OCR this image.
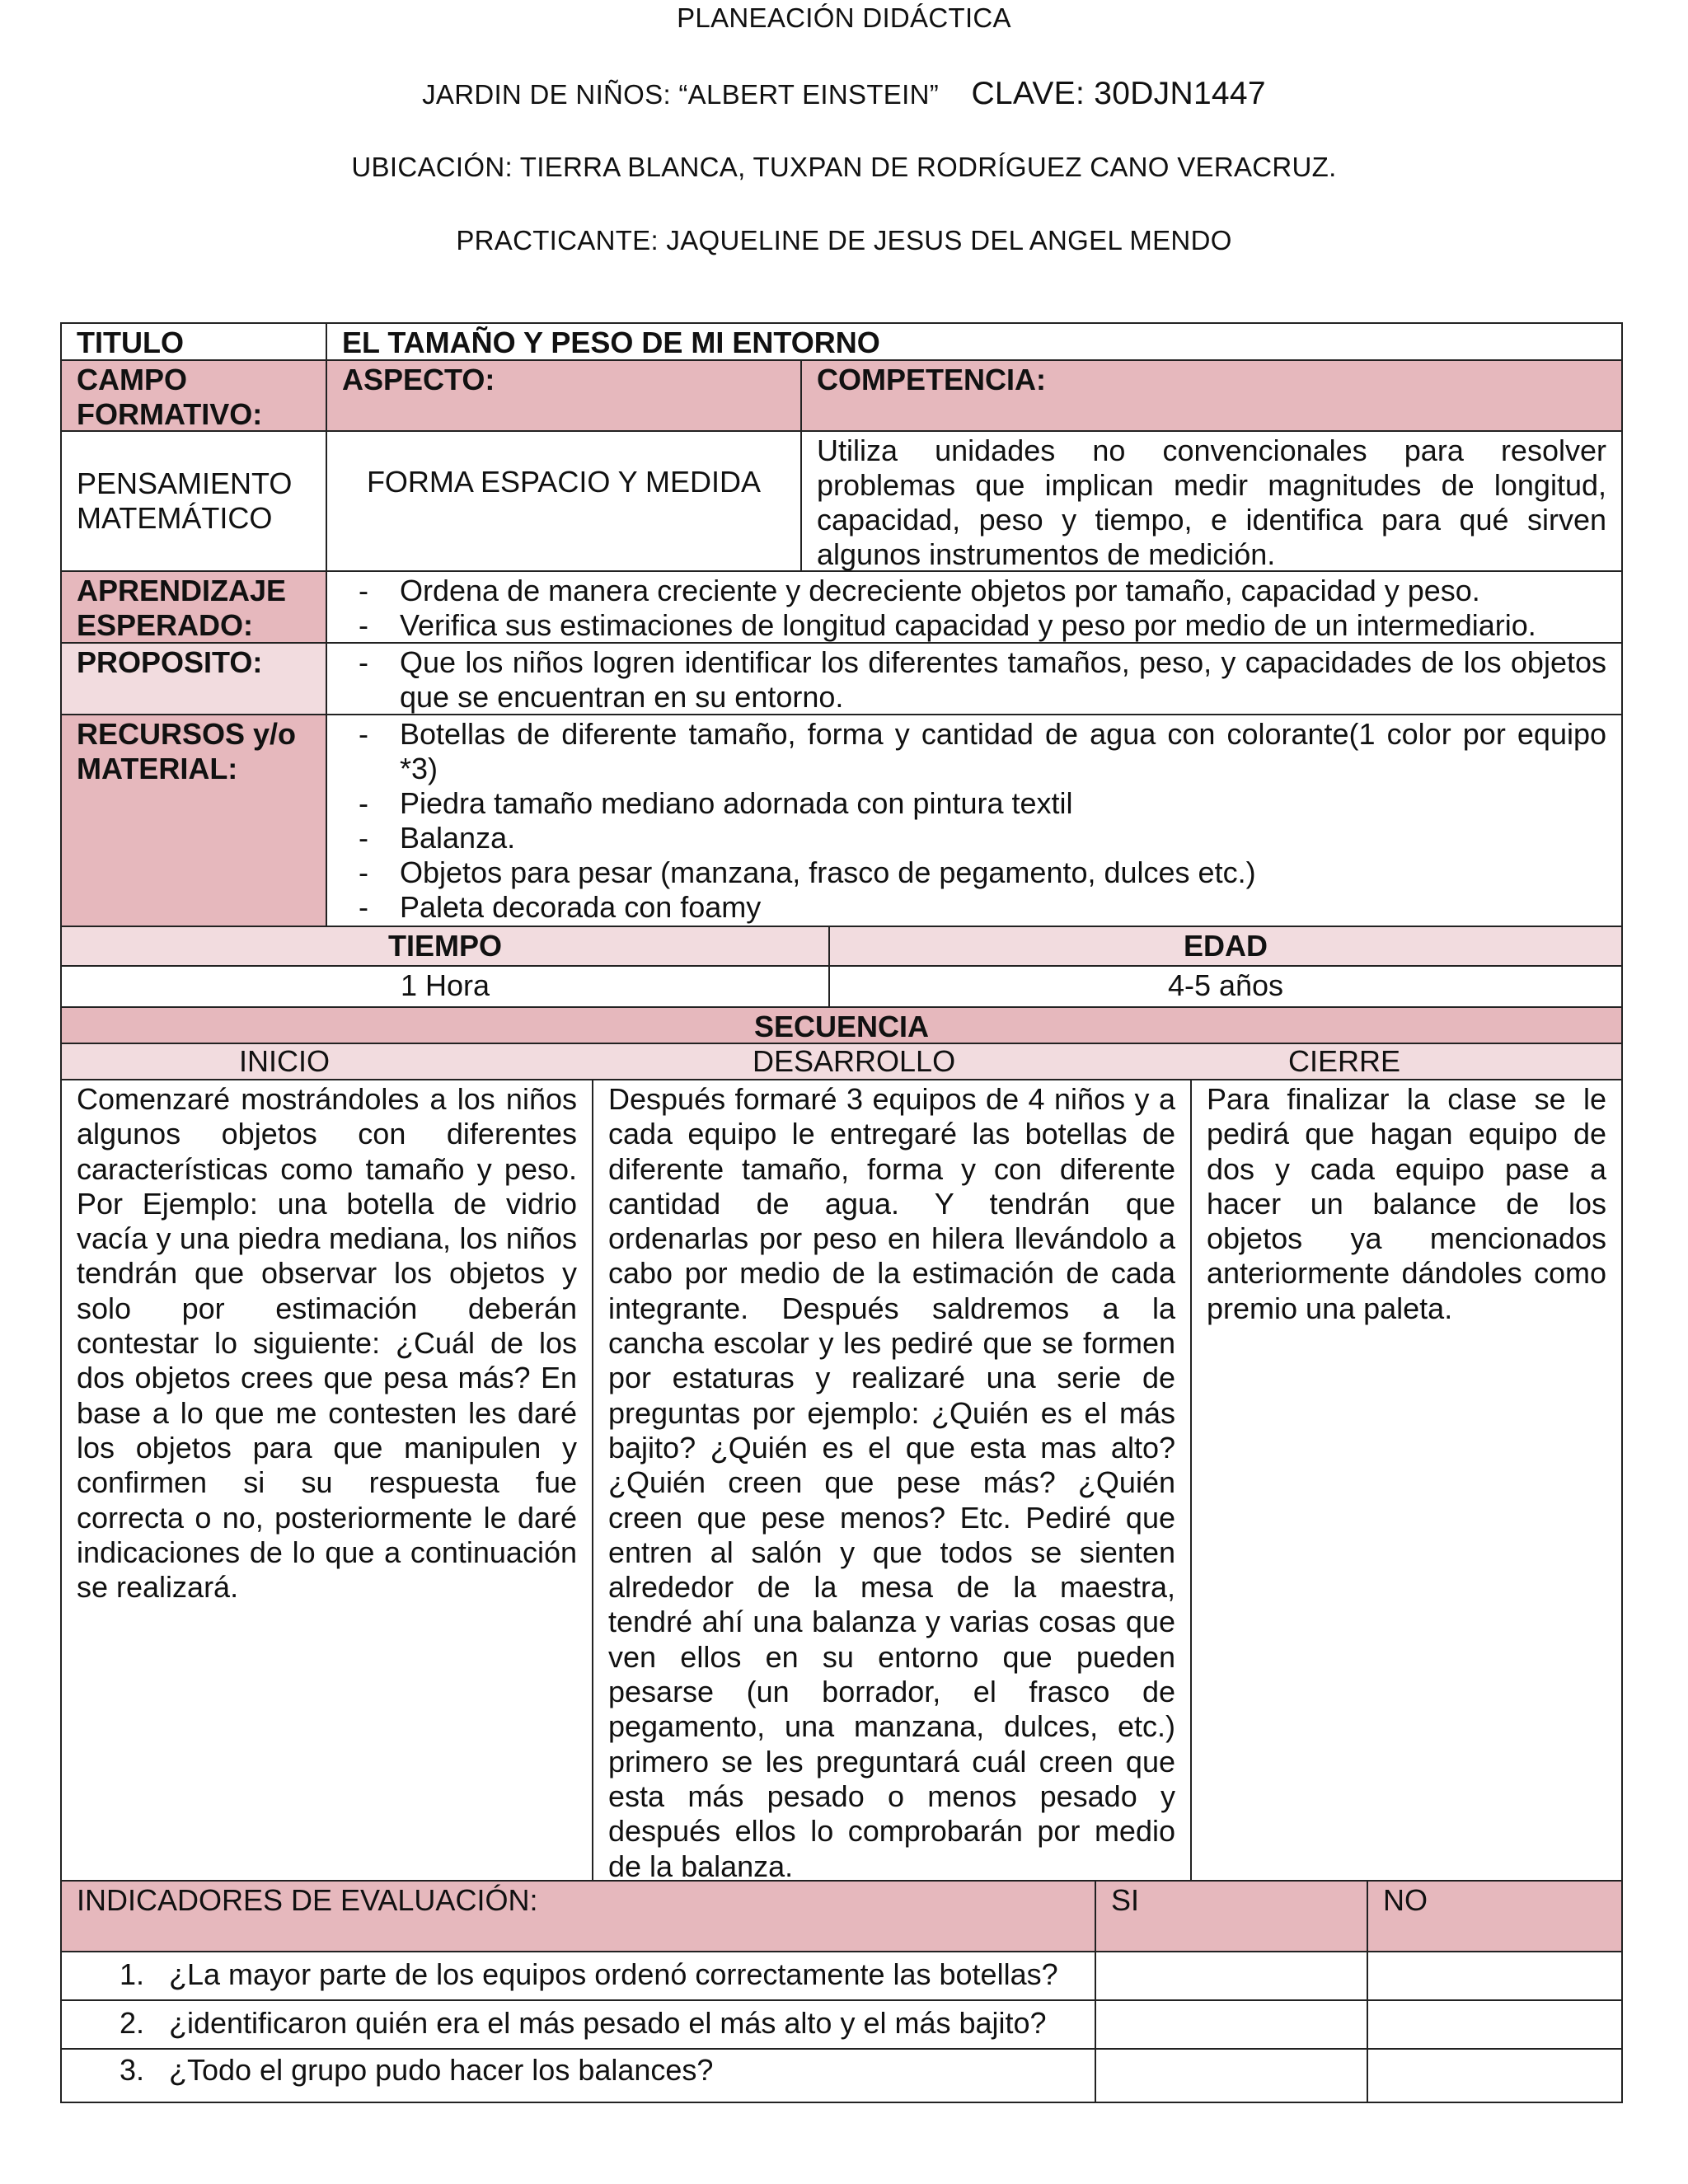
PLANEACIÓN DIDÁCTICA
JARDIN DE NIÑOS: “ALBERT EINSTEIN” CLAVE: 30DJN1447
UBICACIÓN: TIERRA BLANCA, TUXPAN DE RODRÍGUEZ CANO VERACRUZ.
PRACTICANTE: JAQUELINE DE JESUS DEL ANGEL MENDO
TITULO	EL TAMAÑO Y PESO DE MI ENTORNO
CAMPO FORMATIVO:
ASPECTO:	COMPETENCIA:
PENSAMIENTO MATEMÁTICO
FORMA ESPACIO Y MEDIDA
Utiliza unidades no convencionales para resolver problemas que implican medir magnitudes de longitud, capacidad, peso y tiempo, e identifica para qué sirven algunos instrumentos de medición.
APRENDIZAJE ESPERADO:
- Ordena de manera creciente y decreciente objetos por tamaño, capacidad y peso.
- Verifica sus estimaciones de longitud capacidad y peso por medio de un intermediario.
PROPOSITO:
-	Que los niños logren identificar los diferentes tamaños, peso, y capacidades de los objetos que se encuentran en su entorno.
RECURSOS y/o MATERIAL:
- Botellas de diferente tamaño, forma y cantidad de agua con colorante(1 color por equipo *3)
- Piedra tamaño mediano adornada con pintura textil
- Balanza.
- Objetos para pesar (manzana, frasco de pegamento, dulces etc.)
- Paleta decorada con foamy
TIEMPO	EDAD
1 Hora	4-5 años
SECUENCIA
INICIO	DESARROLLO	CIERRE
Comenzaré mostrándoles a los niños algunos objetos con diferentes características como tamaño y peso. Por Ejemplo: una botella de vidrio vacía y una piedra mediana, los niños tendrán que observar los objetos y solo por estimación deberán contestar lo siguiente: ¿Cuál de los dos objetos crees que pesa más? En base a lo que me contesten les daré los objetos para que manipulen y confirmen si su respuesta fue correcta o no, posteriormente le daré indicaciones de lo que a continuación se realizará.
Después formaré 3 equipos de 4 niños y a cada equipo le entregaré las botellas de diferente tamaño, forma y con diferente cantidad de agua. Y tendrán que ordenarlas por peso en hilera llevándolo a cabo por medio de la estimación de cada integrante. Después saldremos a la cancha escolar y les pediré que se formen por estaturas y realizaré una serie de preguntas por ejemplo: ¿Quién es el más bajito? ¿Quién es el que esta mas alto? ¿Quién creen que pese más? ¿Quién creen que pese menos? Etc. Pediré que entren al salón y que todos se sienten alrededor de la mesa de la maestra, tendré ahí una balanza y varias cosas que ven ellos en su entorno que pueden pesarse (un borrador, el frasco de pegamento, una manzana, dulces, etc.) primero se les preguntará cuál creen que esta más pesado o menos pesado y después ellos lo comprobarán por medio de la balanza.
Para finalizar la clase se le pedirá que hagan equipo de dos y cada equipo pase a hacer un balance de los objetos ya mencionados anteriormente dándoles como premio una paleta.
INDICADORES DE EVALUACIÓN:	SI	NO
1. ¿La mayor parte de los equipos ordenó correctamente las botellas?
2. ¿identificaron quién era el más pesado el más alto y el más bajito?
3. ¿Todo el grupo pudo hacer los balances?
